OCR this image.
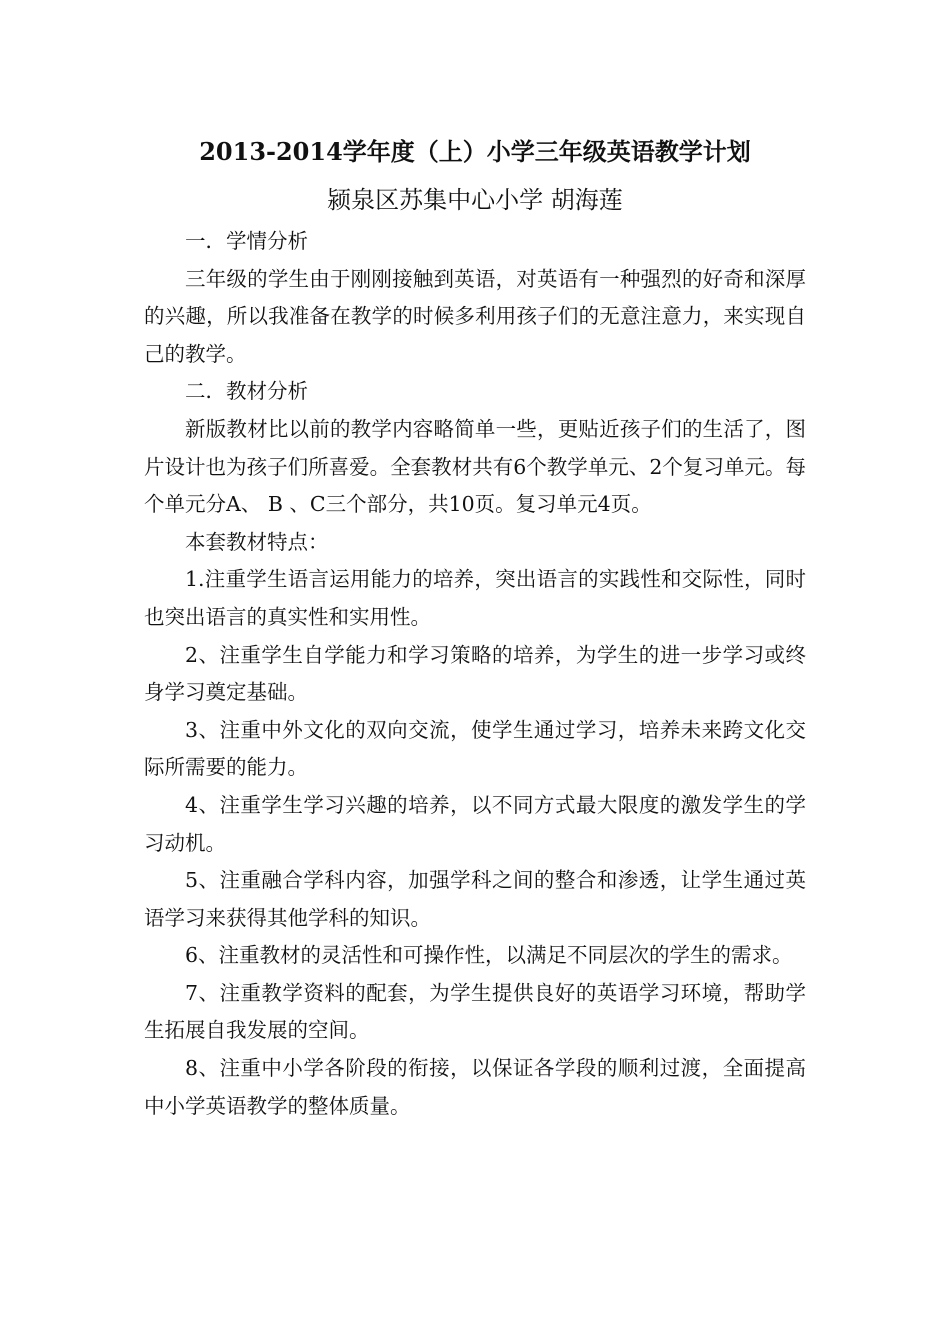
2013-2014学年度（上）小学三年级英语教学计划
颍泉区苏集中心小学 胡海莲

一．学情分析

三年级的学生由于刚刚接触到英语，对英语有一种强烈的好奇和深厚的兴趣，所以我准备在教学的时候多利用孩子们的无意注意力，来实现自己的教学。

二．教材分析

新版教材比以前的教学内容略简单一些，更贴近孩子们的生活了，图片设计也为孩子们所喜爱。全套教材共有6个教学单元、2个复习单元。每个单元分A、 B 、C三个部分，共10页。复习单元4页。

本套教材特点：

1.注重学生语言运用能力的培养，突出语言的实践性和交际性，同时也突出语言的真实性和实用性。

2、注重学生自学能力和学习策略的培养，为学生的进一步学习或终身学习奠定基础。

3、注重中外文化的双向交流，使学生通过学习，培养未来跨文化交际所需要的能力。

4、注重学生学习兴趣的培养，以不同方式最大限度的激发学生的学习动机。

5、注重融合学科内容，加强学科之间的整合和渗透，让学生通过英语学习来获得其他学科的知识。

6、注重教材的灵活性和可操作性，以满足不同层次的学生的需求。

7、注重教学资料的配套，为学生提供良好的英语学习环境，帮助学生拓展自我发展的空间。

8、注重中小学各阶段的衔接，以保证各学段的顺利过渡，全面提高中小学英语教学的整体质量。
